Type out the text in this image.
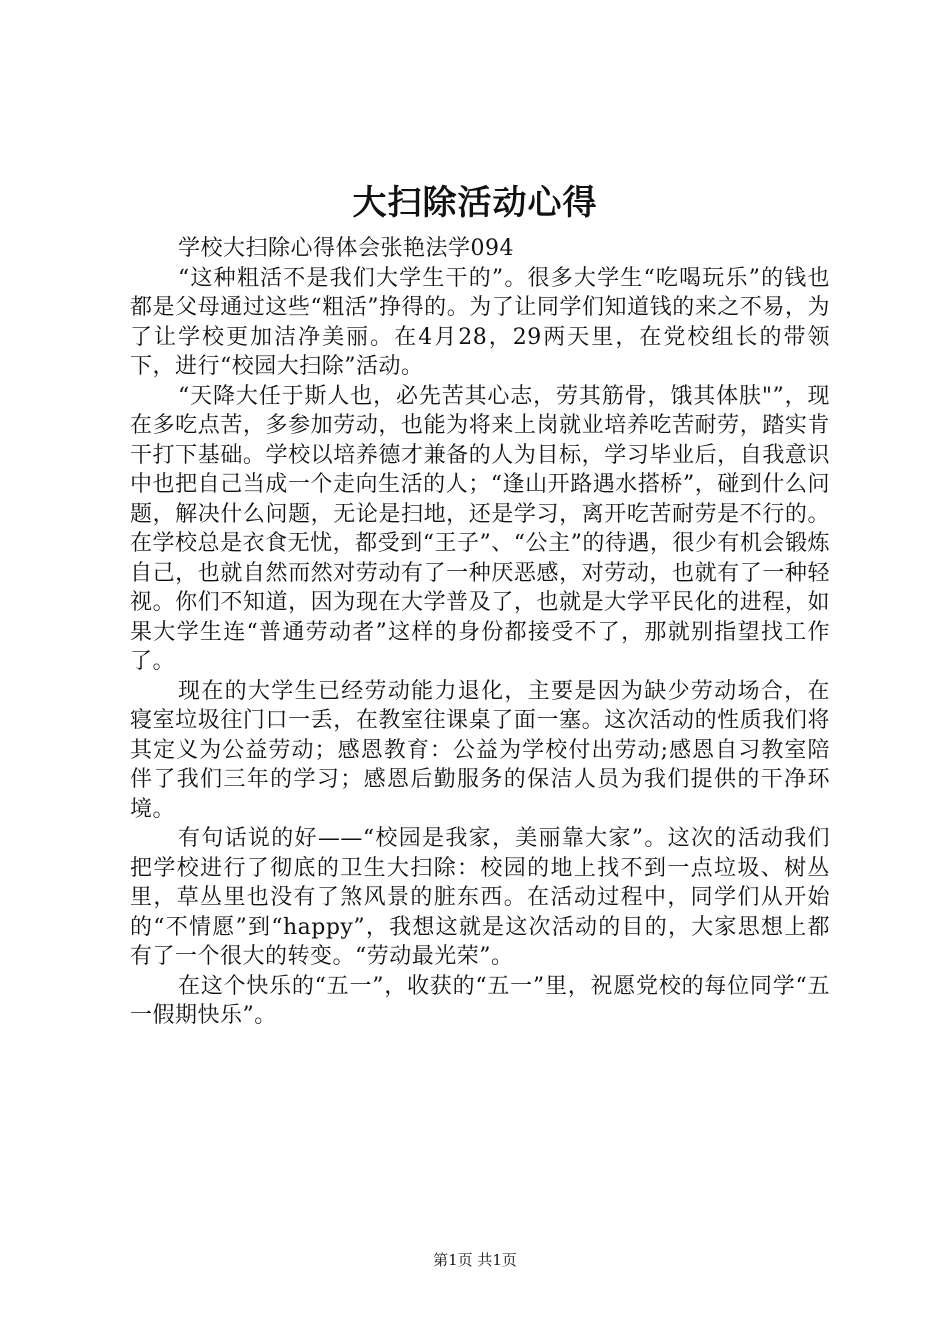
大扫除活动心得

学校大扫除心得体会张艳法学094

“这种粗活不是我们大学生干的”。很多大学生“吃喝玩乐”的钱也都是父母通过这些“粗活”挣得的。为了让同学们知道钱的来之不易，为了让学校更加洁净美丽。在4月28，29两天里，在党校组长的带领下，进行“校园大扫除”活动。

“天降大任于斯人也，必先苦其心志，劳其筋骨，饿其体肤"”，现在多吃点苦，多参加劳动，也能为将来上岗就业培养吃苦耐劳，踏实肯干打下基础。学校以培养德才兼备的人为目标，学习毕业后，自我意识中也把自己当成一个走向生活的人；“逢山开路遇水搭桥”，碰到什么问题，解决什么问题，无论是扫地，还是学习，离开吃苦耐劳是不行的。在学校总是衣食无忧，都受到“王子”、“公主”的待遇，很少有机会锻炼自己，也就自然而然对劳动有了一种厌恶感，对劳动，也就有了一种轻视。你们不知道，因为现在大学普及了，也就是大学平民化的进程，如果大学生连“普通劳动者”这样的身份都接受不了，那就别指望找工作了。

现在的大学生已经劳动能力退化，主要是因为缺少劳动场合，在寝室垃圾往门口一丢，在教室往课桌了面一塞。这次活动的性质我们将其定义为公益劳动；感恩教育：公益为学校付出劳动;感恩自习教室陪伴了我们三年的学习；感恩后勤服务的保洁人员为我们提供的干净环境。

有句话说的好——“校园是我家，美丽靠大家”。这次的活动我们把学校进行了彻底的卫生大扫除：校园的地上找不到一点垃圾、树丛里，草丛里也没有了煞风景的脏东西。在活动过程中，同学们从开始的“不情愿”到“happy”，我想这就是这次活动的目的，大家思想上都有了一个很大的转变。“劳动最光荣”。

在这个快乐的“五一”，收获的“五一”里，祝愿党校的每位同学“五一假期快乐”。

第1页 共1页
